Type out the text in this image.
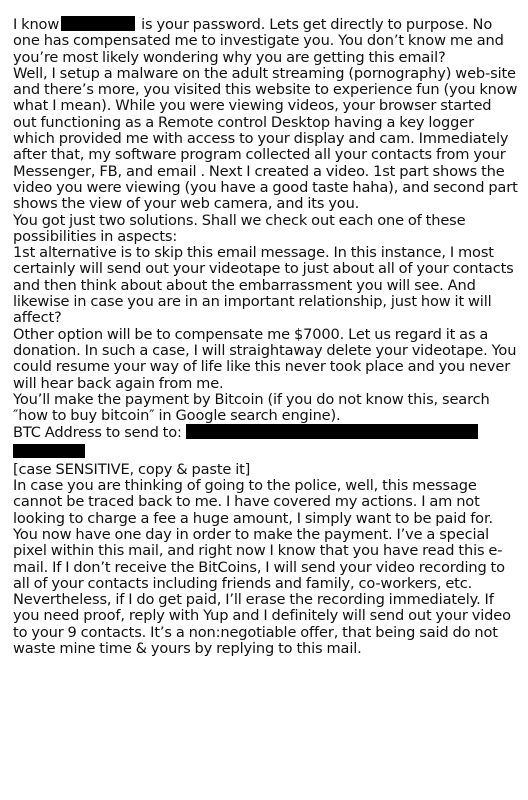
I know	is your password. Lets get directly to purpose. No one has compensated me to investigate you. You don’t know me and you’re most likely wondering why you are getting this email?

Well, I setup a malware on the adult streaming (pornography) web-site and there’s more, you visited this website to experience fun (you know what I mean). While you were viewing videos, your browser started out functioning as a Remote control Desktop having a key logger which provided me with access to your display and cam. Immediately after that, my software program collected all your contacts from your Messenger, FB, and email . Next I created a video. 1st part shows the video you were viewing (you have a good taste haha), and second part shows the view of your web camera, and its you.

You got just two solutions. Shall we check out each one of these possibilities in aspects:

1st alternative is to skip this email message. In this instance, I most certainly will send out your videotape to just about all of your contacts and then think about about the embarrassment you will see. And likewise in case you are in an important relationship, just how it will affect?

Other option will be to compensate me $7000. Let us regard it as a donation. In such a case, I will straightaway delete your videotape. You could resume your way of life like this never took place and you never will hear back again from me.

You’ll make the payment by Bitcoin (if you do not know this, search ″how to buy bitcoin″ in Google search engine).

BTC Address to send to:

[case SENSITIVE, copy & paste it]

In case you are thinking of going to the police, well, this message cannot be traced back to me. I have covered my actions. I am not looking to charge a fee a huge amount, I simply want to be paid for. You now have one day in order to make the payment. I’ve a special pixel within this mail, and right now I know that you have read this e-mail. If I don’t receive the BitCoins, I will send your video recording to all of your contacts including friends and family, co-workers, etc. Nevertheless, if I do get paid, I’ll erase the recording immediately. If you need proof, reply with Yup and I definitely will send out your video to your 9 contacts. It’s a non:negotiable offer, that being said do not waste mine time & yours by replying to this mail.
